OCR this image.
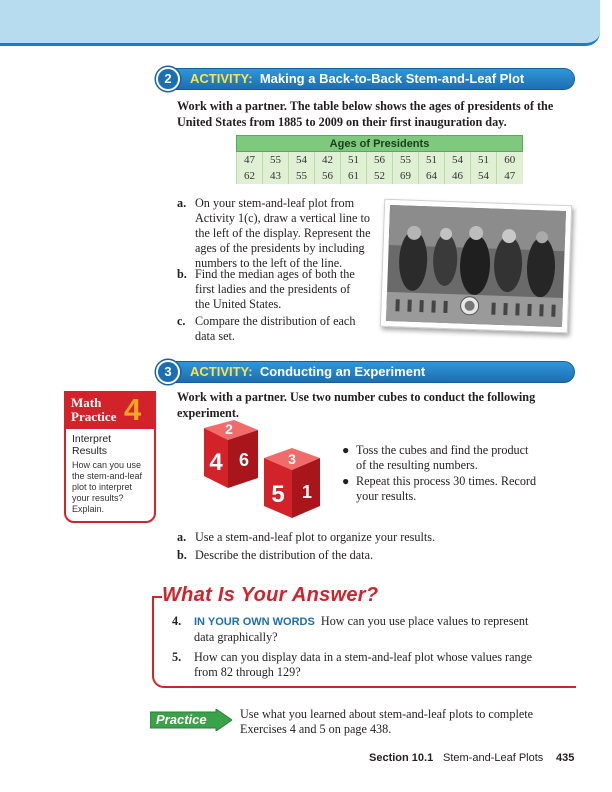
2	ACTIVITY: Making a Back-to-Back Stem-and-Leaf Plot
Work with a partner. The table below shows the ages of presidents of the United States from 1885 to 2009 on their first inauguration day.
Ages of Presidents										
47	55	54	42	51	56	55	51	54	51	60
62	43	55	56	61	52	69	64	46	54	47
a. On your stem-and-leaf plot from
Activity 1(c), draw a vertical line to
the left of the display. Represent the
ages of the presidents by including
numbers to the left of the line.
b. Find the median ages of both the
first ladies and the presidents of
the United States.
c. Compare the distribution of each
data set.
3	ACTIVITY: Conducting an Experiment
Work with a partner. Use two number cubes to conduct the following experiment.
Math
Practice 4
Interpret
Results
How can you use
the stem-and-leaf
plot to interpret
your results?
Explain.
2
4 6	3
5 1
● Toss the cubes and find the product
of the resulting numbers.
● Repeat this process 30 times. Record
your results.
a. Use a stem-and-leaf plot to organize your results.
b. Describe the distribution of the data.
What Is Your Answer?
4. IN YOUR OWN WORDS How can you use place values to represent
data graphically?
5. How can you display data in a stem-and-leaf plot whose values range
from 82 through 129?
Practice	Use what you learned about stem-and-leaf plots to complete
Exercises 4 and 5 on page 438.
Section 10.1 Stem-and-Leaf Plots 435
